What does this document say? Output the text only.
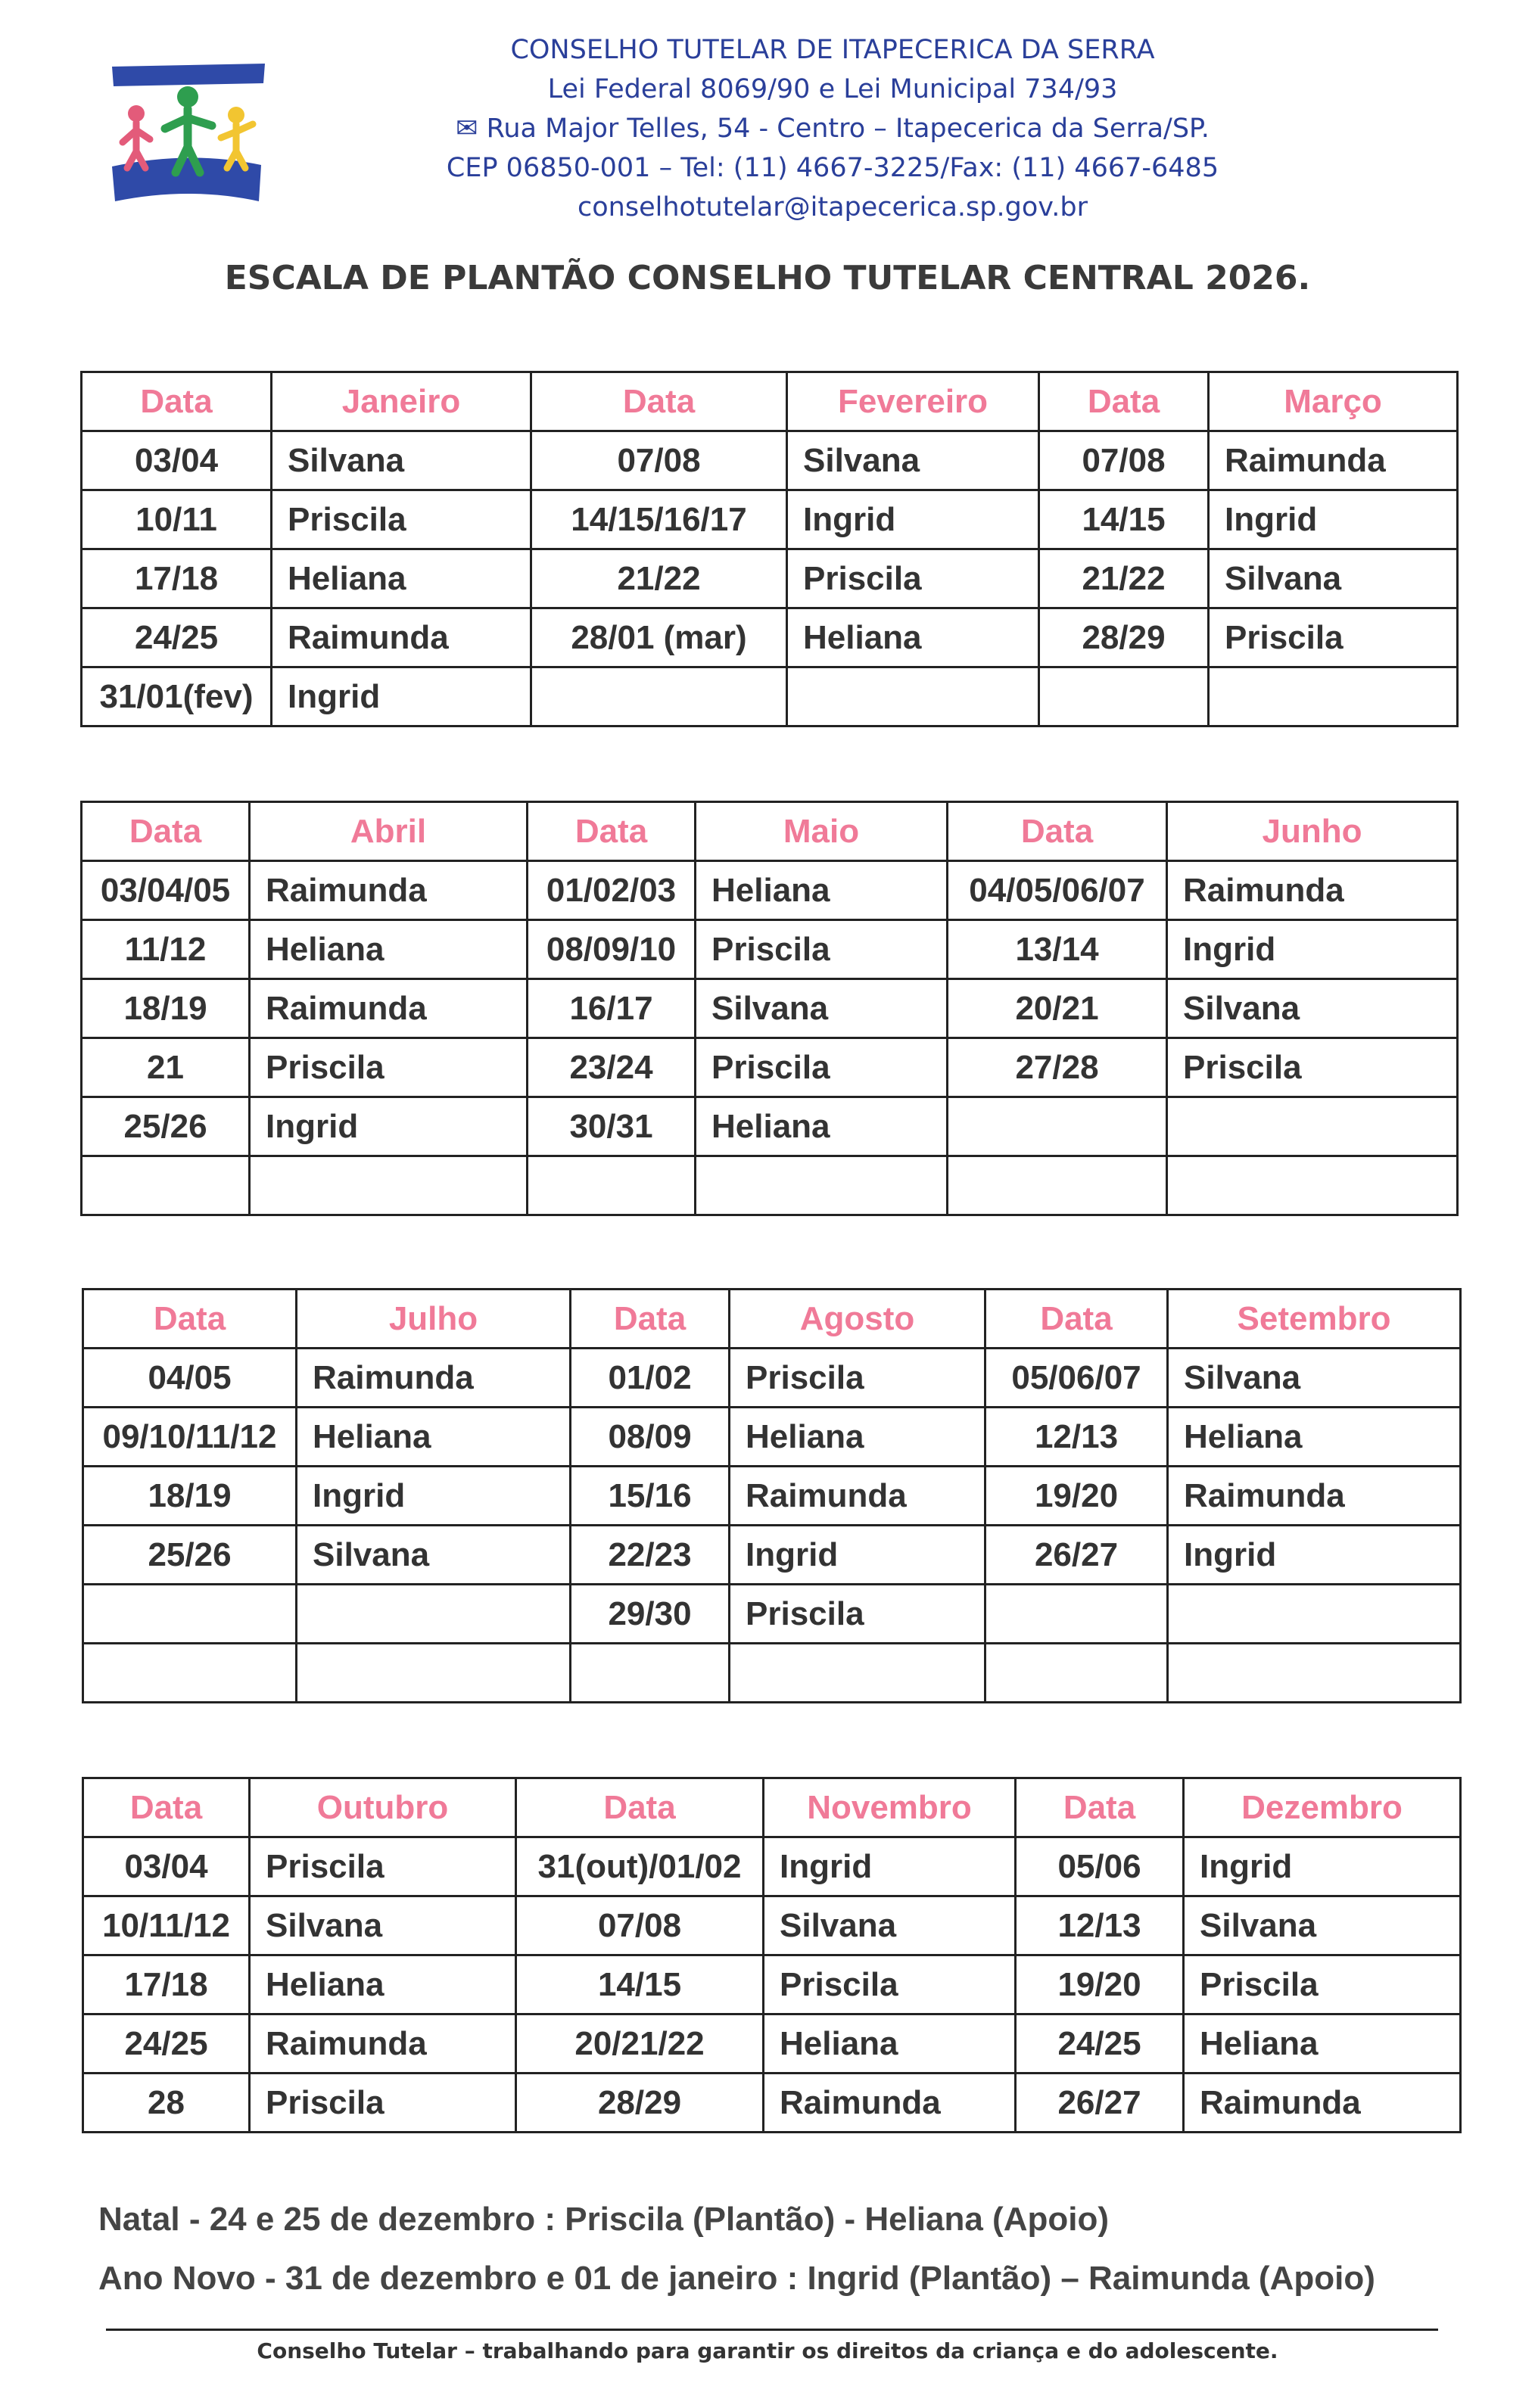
CONSELHO TUTELAR DE ITAPECERICA DA SERRA
Lei Federal 8069/90 e Lei Municipal 734/93
✉ Rua Major Telles, 54 - Centro – Itapecerica da Serra/SP.
CEP 06850-001 – Tel: (11) 4667-3225/Fax: (11) 4667-6485
conselhotutelar@itapecerica.sp.gov.br
ESCALA DE PLANTÃO CONSELHO TUTELAR CENTRAL 2026.
Data	Janeiro	Data	Fevereiro	Data	Março
03/04	Silvana	07/08	Silvana	07/08	Raimunda
10/11	Priscila	14/15/16/17	Ingrid	14/15	Ingrid
17/18	Heliana	21/22	Priscila	21/22	Silvana
24/25	Raimunda	28/01 (mar)	Heliana	28/29	Priscila
31/01(fev)	Ingrid				
Data	Abril	Data	Maio	Data	Junho
03/04/05	Raimunda	01/02/03	Heliana	04/05/06/07	Raimunda
11/12	Heliana	08/09/10	Priscila	13/14	Ingrid
18/19	Raimunda	16/17	Silvana	20/21	Silvana
21	Priscila	23/24	Priscila	27/28	Priscila
25/26	Ingrid	30/31	Heliana		

Data	Julho	Data	Agosto	Data	Setembro
04/05	Raimunda	01/02	Priscila	05/06/07	Silvana
09/10/11/12	Heliana	08/09	Heliana	12/13	Heliana
18/19	Ingrid	15/16	Raimunda	19/20	Raimunda
25/26	Silvana	22/23	Ingrid	26/27	Ingrid
		29/30	Priscila		

Data	Outubro	Data	Novembro	Data	Dezembro
03/04	Priscila	31(out)/01/02	Ingrid	05/06	Ingrid
10/11/12	Silvana	07/08	Silvana	12/13	Silvana
17/18	Heliana	14/15	Priscila	19/20	Priscila
24/25	Raimunda	20/21/22	Heliana	24/25	Heliana
28	Priscila	28/29	Raimunda	26/27	Raimunda
Natal - 24 e 25 de dezembro : Priscila (Plantão) - Heliana (Apoio)
Ano Novo - 31 de dezembro e 01 de janeiro : Ingrid (Plantão) – Raimunda (Apoio)
Conselho Tutelar – trabalhando para garantir os direitos da criança e do adolescente.
